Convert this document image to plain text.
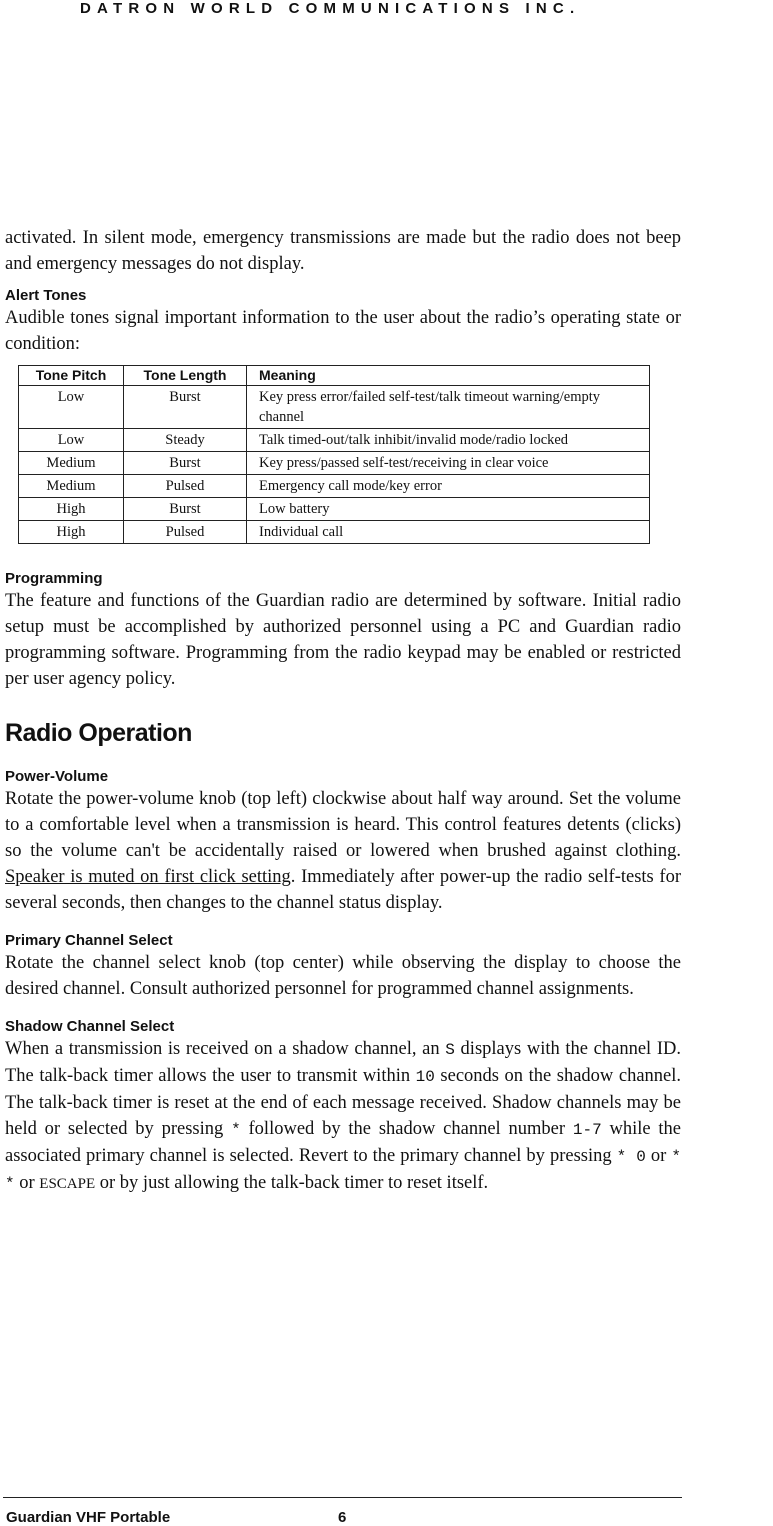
DATRON WORLD COMMUNICATIONS INC.

activated. In silent mode, emergency transmissions are made but the radio does not beep and emergency messages do not display.

Alert Tones

Audible tones signal important information to the user about the radio’s operating state or condition:

Tone Pitch	Tone Length	Meaning
Low	Burst	Key press error/failed self-test/talk timeout warning/empty channel
Low	Steady	Talk timed-out/talk inhibit/invalid mode/radio locked
Medium	Burst	Key press/passed self-test/receiving in clear voice
Medium	Pulsed	Emergency call mode/key error
High	Burst	Low battery
High	Pulsed	Individual call
Programming

The feature and functions of the Guardian radio are determined by software. Initial radio setup must be accomplished by authorized personnel using a PC and Guardian radio programming software. Programming from the radio keypad may be enabled or restricted per user agency policy.

Radio Operation
Power-Volume

Rotate the power-volume knob (top left) clockwise about half way around. Set the volume to a comfortable level when a transmission is heard. This control features detents (clicks) so the volume can't be accidentally raised or lowered when brushed against clothing. Speaker is muted on first click setting. Immediately after power-up the radio self-tests for several seconds, then changes to the channel status display.

Primary Channel Select

Rotate the channel select knob (top center) while observing the display to choose the desired channel. Consult authorized personnel for programmed channel assignments.

Shadow Channel Select

When a transmission is received on a shadow channel, an S displays with the channel ID. The talk-back timer allows the user to transmit within 10 seconds on the shadow channel. The talk-back timer is reset at the end of each message received. Shadow channels may be held or selected by pressing * followed by the shadow channel number 1-7 while the associated primary channel is selected. Revert to the primary channel by pressing * 0 or * * or ESCAPE or by just allowing the talk-back timer to reset itself.

Guardian VHF Portable	6
